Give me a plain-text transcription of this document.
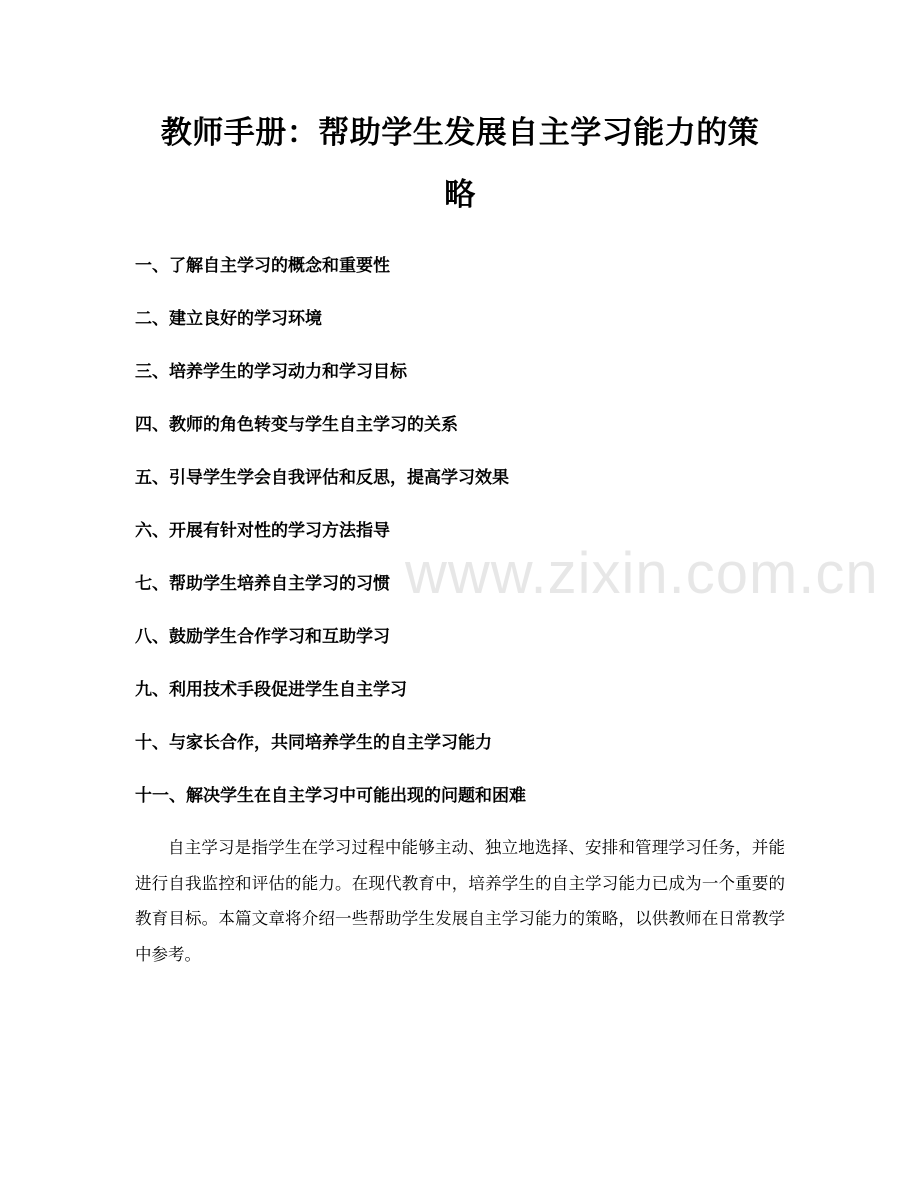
www.zixin.com.cn
教师手册：帮助学生发展自主学习能力的策
略
一、了解自主学习的概念和重要性
二、建立良好的学习环境
三、培养学生的学习动力和学习目标
四、教师的角色转变与学生自主学习的关系
五、引导学生学会自我评估和反思，提高学习效果
六、开展有针对性的学习方法指导
七、帮助学生培养自主学习的习惯
八、鼓励学生合作学习和互助学习
九、利用技术手段促进学生自主学习
十、与家长合作，共同培养学生的自主学习能力
十一、解决学生在自主学习中可能出现的问题和困难

自主学习是指学生在学习过程中能够主动、独立地选择、安排和管理学习任务，并能进行自我监控和评估的能力。在现代教育中，培养学生的自主学习能力已成为一个重要的教育目标。本篇文章将介绍一些帮助学生发展自主学习能力的策略，以供教师在日常教学中参考。
